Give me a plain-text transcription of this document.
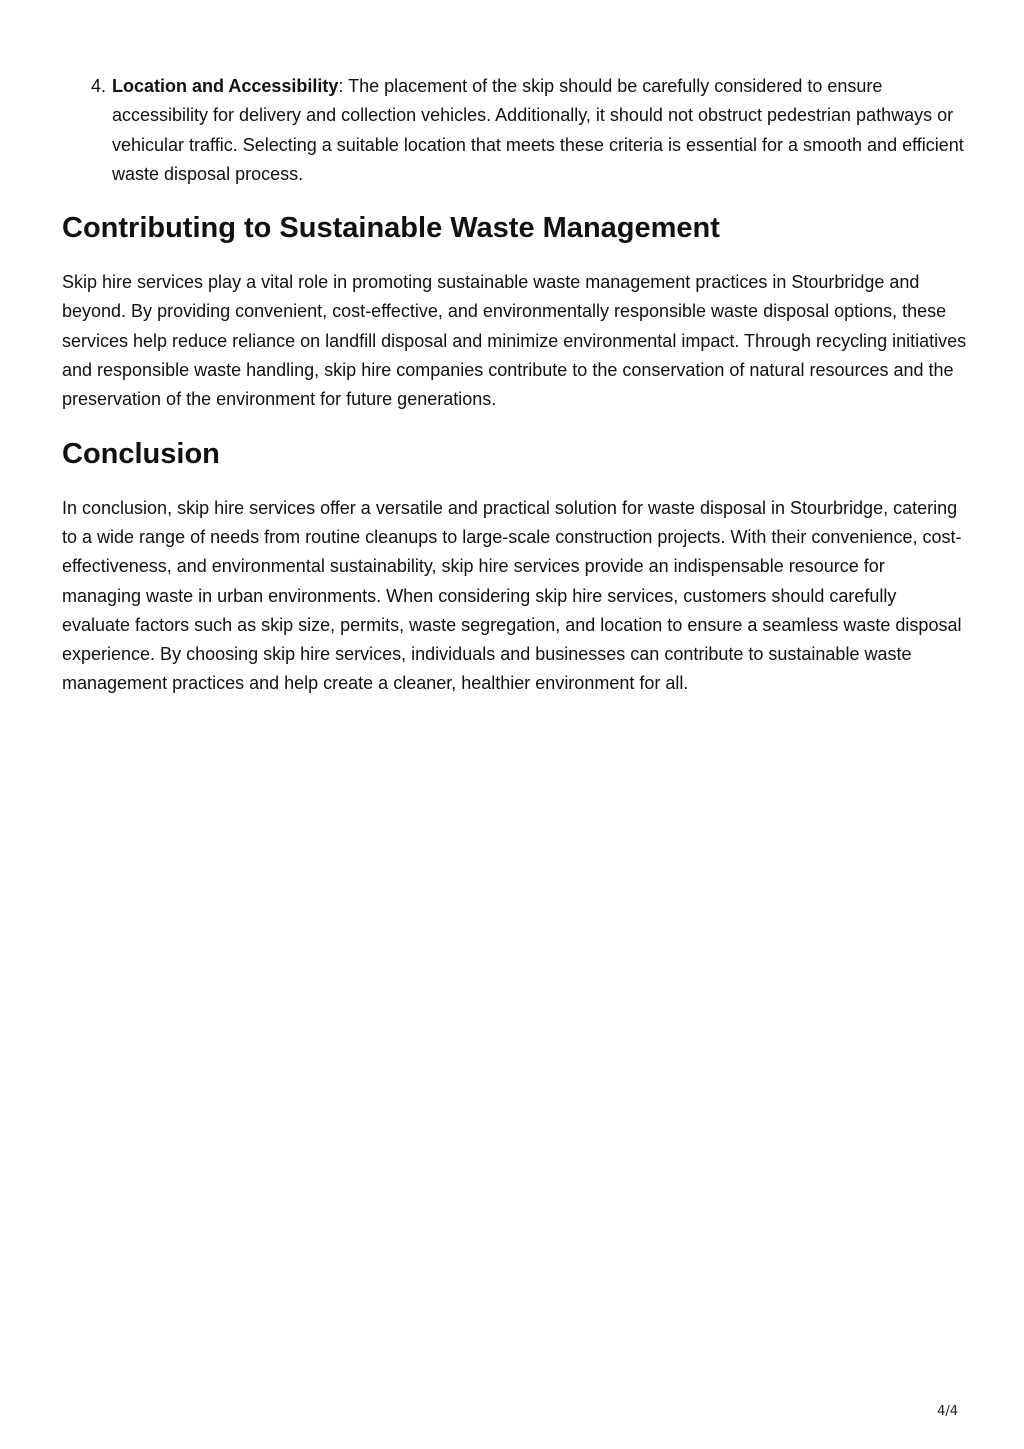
4. Location and Accessibility: The placement of the skip should be carefully considered to ensure accessibility for delivery and collection vehicles. Additionally, it should not obstruct pedestrian pathways or vehicular traffic. Selecting a suitable location that meets these criteria is essential for a smooth and efficient waste disposal process.
Contributing to Sustainable Waste Management

Skip hire services play a vital role in promoting sustainable waste management practices in Stourbridge and beyond. By providing convenient, cost-effective, and environmentally responsible waste disposal options, these services help reduce reliance on landfill disposal and minimize environmental impact. Through recycling initiatives and responsible waste handling, skip hire companies contribute to the conservation of natural resources and the preservation of the environment for future generations.

Conclusion

In conclusion, skip hire services offer a versatile and practical solution for waste disposal in Stourbridge, catering to a wide range of needs from routine cleanups to large-scale construction projects. With their convenience, cost-effectiveness, and environmental sustainability, skip hire services provide an indispensable resource for managing waste in urban environments. When considering skip hire services, customers should carefully evaluate factors such as skip size, permits, waste segregation, and location to ensure a seamless waste disposal experience. By choosing skip hire services, individuals and businesses can contribute to sustainable waste management practices and help create a cleaner, healthier environment for all.

4/4
